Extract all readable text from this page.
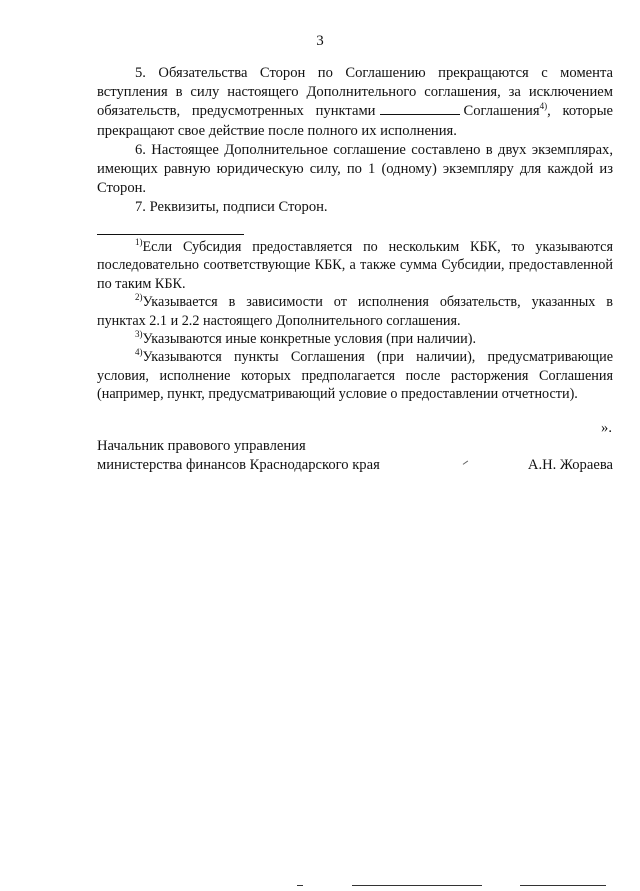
3

5. Обязательства Сторон по Соглашению прекращаются с момента вступления в силу настоящего Дополнительного соглашения, за исключением обязательств, предусмотренных пунктами	Соглашения$^{4)}$, которые прекращают свое действие после полного их исполнения.

6. Настоящее Дополнительное соглашение составлено в двух экземплярах, имеющих равную юридическую силу, по 1 (одному) экземпляру для каждой из Сторон.

7. Реквизиты, подписи Сторон.

$^{1)}$Если Субсидия предоставляется по нескольким КБК, то указываются последовательно соответствующие КБК, а также сумма Субсидии, предоставленной по таким КБК.

$^{2)}$Указывается в зависимости от исполнения обязательств, указанных в пунктах 2.1 и 2.2 настоящего Дополнительного соглашения.

$^{3)}$Указываются иные конкретные условия (при наличии).

$^{4)}$Указываются пункты Соглашения (при наличии), предусматривающие условия, исполнение которых предполагается после расторжения Соглашения (например, пункт, предусматривающий условие о предоставлении отчетности).

».
Начальник правового управления
министерства финансов Краснодарского края	А.Н. Жораева
